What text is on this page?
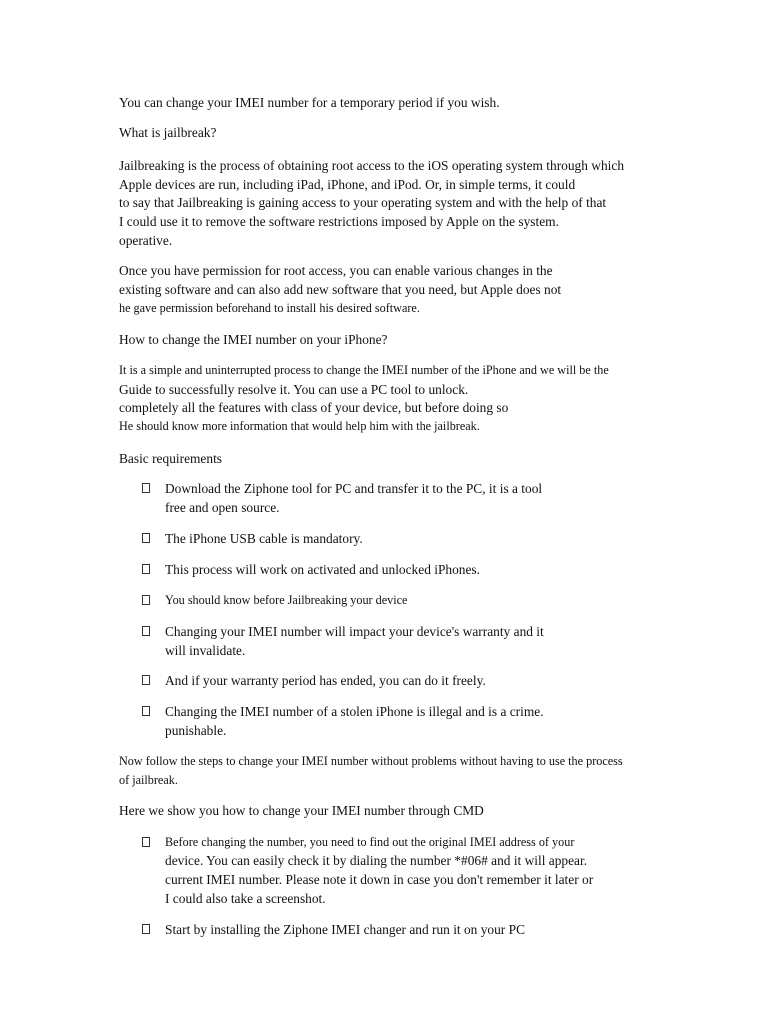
You can change your IMEI number for a temporary period if you wish.
What is jailbreak?
Jailbreaking is the process of obtaining root access to the iOS operating system through which
Apple devices are run, including iPad, iPhone, and iPod. Or, in simple terms, it could
to say that Jailbreaking is gaining access to your operating system and with the help of that
I could use it to remove the software restrictions imposed by Apple on the system.
operative.
Once you have permission for root access, you can enable various changes in the
existing software and can also add new software that you need, but Apple does not
he gave permission beforehand to install his desired software.
How to change the IMEI number on your iPhone?
It is a simple and uninterrupted process to change the IMEI number of the iPhone and we will be the
Guide to successfully resolve it. You can use a PC tool to unlock.
completely all the features with class of your device, but before doing so
He should know more information that would help him with the jailbreak.
Basic requirements
Download the Ziphone tool for PC and transfer it to the PC, it is a tool
free and open source.
The iPhone USB cable is mandatory.
This process will work on activated and unlocked iPhones.
You should know before Jailbreaking your device
Changing your IMEI number will impact your device's warranty and it
will invalidate.
And if your warranty period has ended, you can do it freely.
Changing the IMEI number of a stolen iPhone is illegal and is a crime.
punishable.
Now follow the steps to change your IMEI number without problems without having to use the process
of jailbreak.
Here we show you how to change your IMEI number through CMD
Before changing the number, you need to find out the original IMEI address of your
device. You can easily check it by dialing the number *#06# and it will appear.
current IMEI number. Please note it down in case you don't remember it later or
I could also take a screenshot.
Start by installing the Ziphone IMEI changer and run it on your PC
